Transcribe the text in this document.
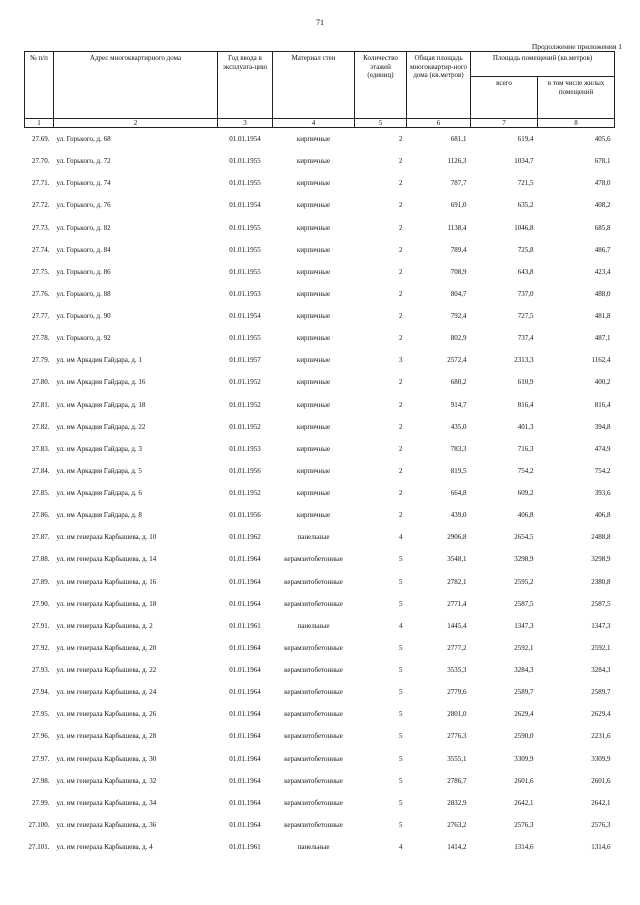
71
Продолжение приложения 1
№ п/п	Адрес многоквартирного дома	Год ввода в эксплуата-цию	Материал стен	Количество этажей (единиц)	Общая площадь многоквартир-ного дома (кв.метров)	Площадь помещений (кв.метров)	
						всего	в том числе жилых помещений
1	2	3	4	5	6	7	8
27.69.	ул. Горького, д. 68	01.01.1954	кирпичные	2	681,1	619,4	405,6
27.70.	ул. Горького, д. 72	01.01.1955	кирпичные	2	1126,3	1034,7	678,1
27.71.	ул. Горького, д. 74	01.01.1955	кирпичные	2	787,7	721,5	478,0
27.72.	ул. Горького, д. 76	01.01.1954	кирпичные	2	691,0	635,2	408,2
27.73.	ул. Горького, д. 82	01.01.1955	кирпичные	2	1138,4	1046,8	685,8
27.74.	ул. Горького, д. 84	01.01.1955	кирпичные	2	789,4	725,8	486,7
27.75.	ул. Горького, д. 86	01.01.1955	кирпичные	2	708,9	643,8	423,4
27.76.	ул. Горького, д. 88	01.01.1953	кирпичные	2	804,7	737,0	488,0
27.77.	ул. Горького, д. 90	01.01.1954	кирпичные	2	792,4	727,5	481,8
27.78.	ул. Горького, д. 92	01.01.1955	кирпичные	2	802,9	737,4	487,1
27.79.	ул. им Аркадия Гайдара, д. 1	01.01.1957	кирпичные	3	2572,4	2313,3	1162,4
27.80.	ул. им Аркадия Гайдара, д. 16	01.01.1952	кирпичные	2	680,2	610,9	400,2
27.81.	ул. им Аркадия Гайдара, д. 18	01.01.1952	кирпичные	2	914,7	816,4	816,4
27.82.	ул. им Аркадия Гайдара, д. 22	01.01.1952	кирпичные	2	435,0	401,3	394,8
27.83.	ул. им Аркадия Гайдара, д. 3	01.01.1953	кирпичные	2	783,3	716,3	474,9
27.84.	ул. им Аркадия Гайдара, д. 5	01.01.1956	кирпичные	2	819,5	754,2	754,2
27.85.	ул. им Аркадия Гайдара, д. 6	01.01.1952	кирпичные	2	664,8	609,2	393,6
27.86.	ул. им Аркадия Гайдара, д. 8	01.01.1956	кирпичные	2	439,0	406,8	406,8
27.87.	ул. им генерала Карбышева, д. 10	01.01.1962	панельные	4	2906,8	2654,5	2488,8
27.88.	ул. им генерала Карбышева, д. 14	01.01.1964	керамзитобетонные	5	3548,1	3298,9	3298,9
27.89.	ул. им генерала Карбышева, д. 16	01.01.1964	керамзитобетонные	5	2782,1	2595,2	2380,8
27.90.	ул. им генерала Карбышева, д. 18	01.01.1964	керамзитобетонные	5	2771,4	2587,5	2587,5
27.91.	ул. им генерала Карбышева, д. 2	01.01.1961	панельные	4	1445,4	1347,3	1347,3
27.92.	ул. им генерала Карбышева, д. 20	01.01.1964	керамзитобетонные	5	2777,2	2592,1	2592,1
27.93.	ул. им генерала Карбышева, д. 22	01.01.1964	керамзитобетонные	5	3535,3	3284,3	3284,3
27.94.	ул. им генерала Карбышева, д. 24	01.01.1964	керамзитобетонные	5	2779,6	2589,7	2589,7
27.95.	ул. им генерала Карбышева, д. 26	01.01.1964	керамзитобетонные	5	2801,0	2629,4	2629,4
27.96.	ул. им генерала Карбышева, д. 28	01.01.1964	керамзитобетонные	5	2776,3	2590,0	2231,6
27.97.	ул. им генерала Карбышева, д. 30	01.01.1964	керамзитобетонные	5	3555,1	3309,9	3309,9
27.98.	ул. им генерала Карбышева, д. 32	01.01.1964	керамзитобетонные	5	2786,7	2601,6	2601,6
27.99.	ул. им генерала Карбышева, д. 34	01.01.1964	керамзитобетонные	5	2832,9	2642,1	2642,1
27.100.	ул. им генерала Карбышева, д. 36	01.01.1964	керамзитобетонные	5	2763,2	2576,3	2576,3
27.101.	ул. им генерала Карбышева, д. 4	01.01.1961	панельные	4	1414,2	1314,6	1314,6
